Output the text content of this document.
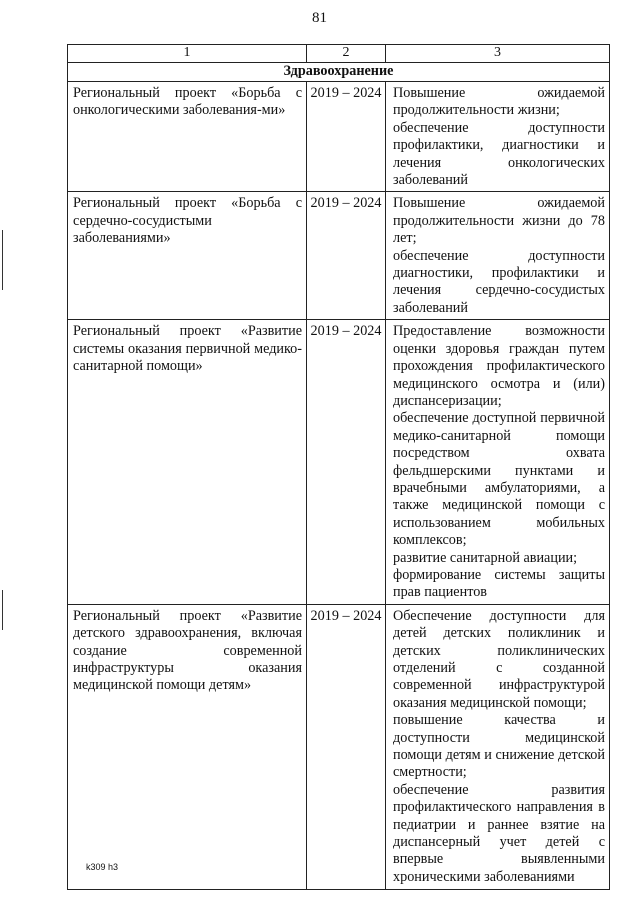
81
1	2	3
Здравоохранение		
Региональный проект «Борьба с онкологическими заболевания-ми»	2019 – 2024	Повышение ожидаемой продолжительности жизни;
обеспечение доступности профилактики, диагностики и лечения онкологических заболеваний

Региональный проект «Борьба с сердечно-сосудистыми заболеваниями»	2019 – 2024	Повышение ожидаемой продолжительности жизни до 78 лет;
обеспечение доступности диагностики, профилактики и лечения сердечно-сосудистых заболеваний

Региональный проект «Развитие системы оказания первичной медико-санитарной помощи»	2019 – 2024	Предоставление возможности оценки здоровья граждан путем прохождения профилактического медицинского осмотра и (или) диспансеризации;
обеспечение доступной первичной медико-санитарной помощи посредством охвата фельдшерскими пунктами и врачебными амбулаториями, а также медицинской помощи с использованием мобильных комплексов;
развитие санитарной авиации;
формирование системы защиты прав пациентов

Региональный проект «Развитие детского здравоохранения, включая создание современной инфраструктуры оказания медицинской помощи детям»	2019 – 2024	Обеспечение доступности для детей детских поликлиник и детских поликлинических отделений с созданной современной инфраструктурой оказания медицинской помощи;
повышение качества и доступности медицинской помощи детям и снижение детской смертности;
обеспечение развития профилактического направления в педиатрии и раннее взятие на диспансерный учет детей с впервые выявленными хроническими заболеваниями
k309 h3
